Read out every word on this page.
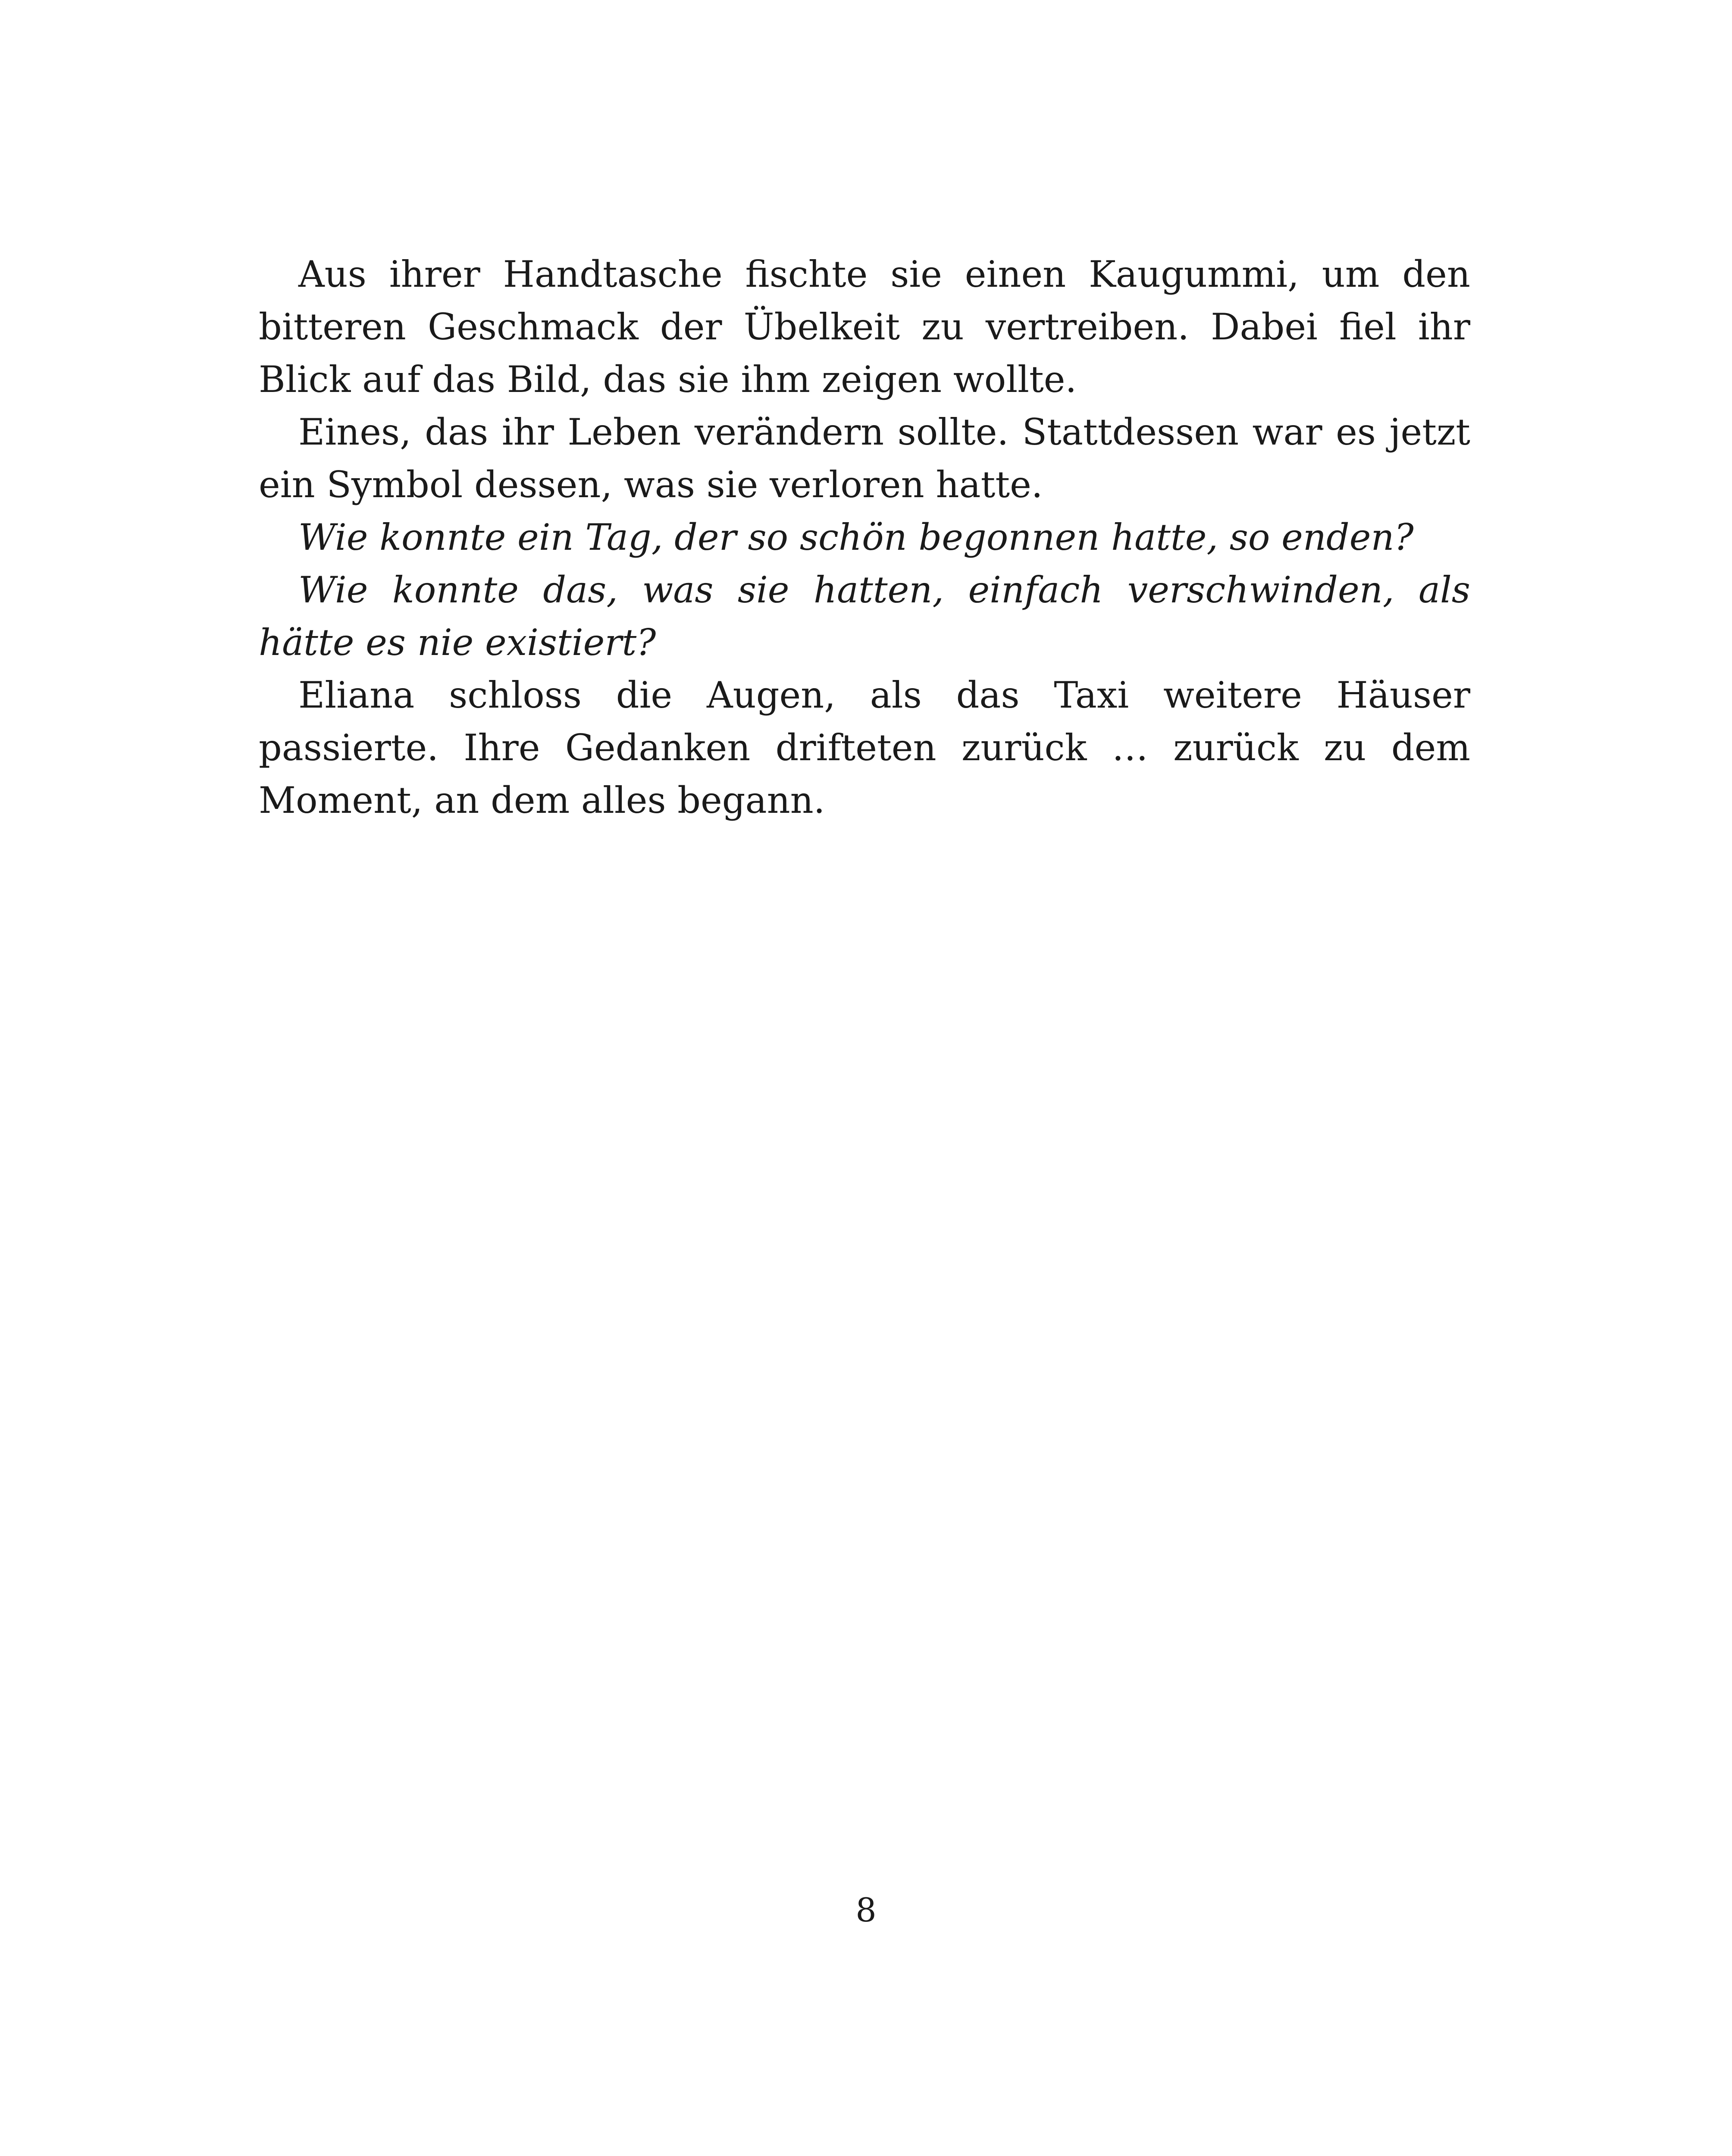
Aus ihrer Handtasche fischte sie einen Kaugummi, um den bitteren Geschmack der Übelkeit zu vertreiben. Dabei fiel ihr Blick auf das Bild, das sie ihm zeigen wollte.

Eines, das ihr Leben verändern sollte. Stattdessen war es jetzt ein Symbol dessen, was sie verloren hatte.

Wie konnte ein Tag, der so schön begonnen hatte, so enden?

Wie konnte das, was sie hatten, einfach verschwinden, als hätte es nie existiert?

Eliana schloss die Augen, als das Taxi weitere Häuser passierte. Ihre Gedanken drifteten zurück … zurück zu dem Moment, an dem alles begann.

8
